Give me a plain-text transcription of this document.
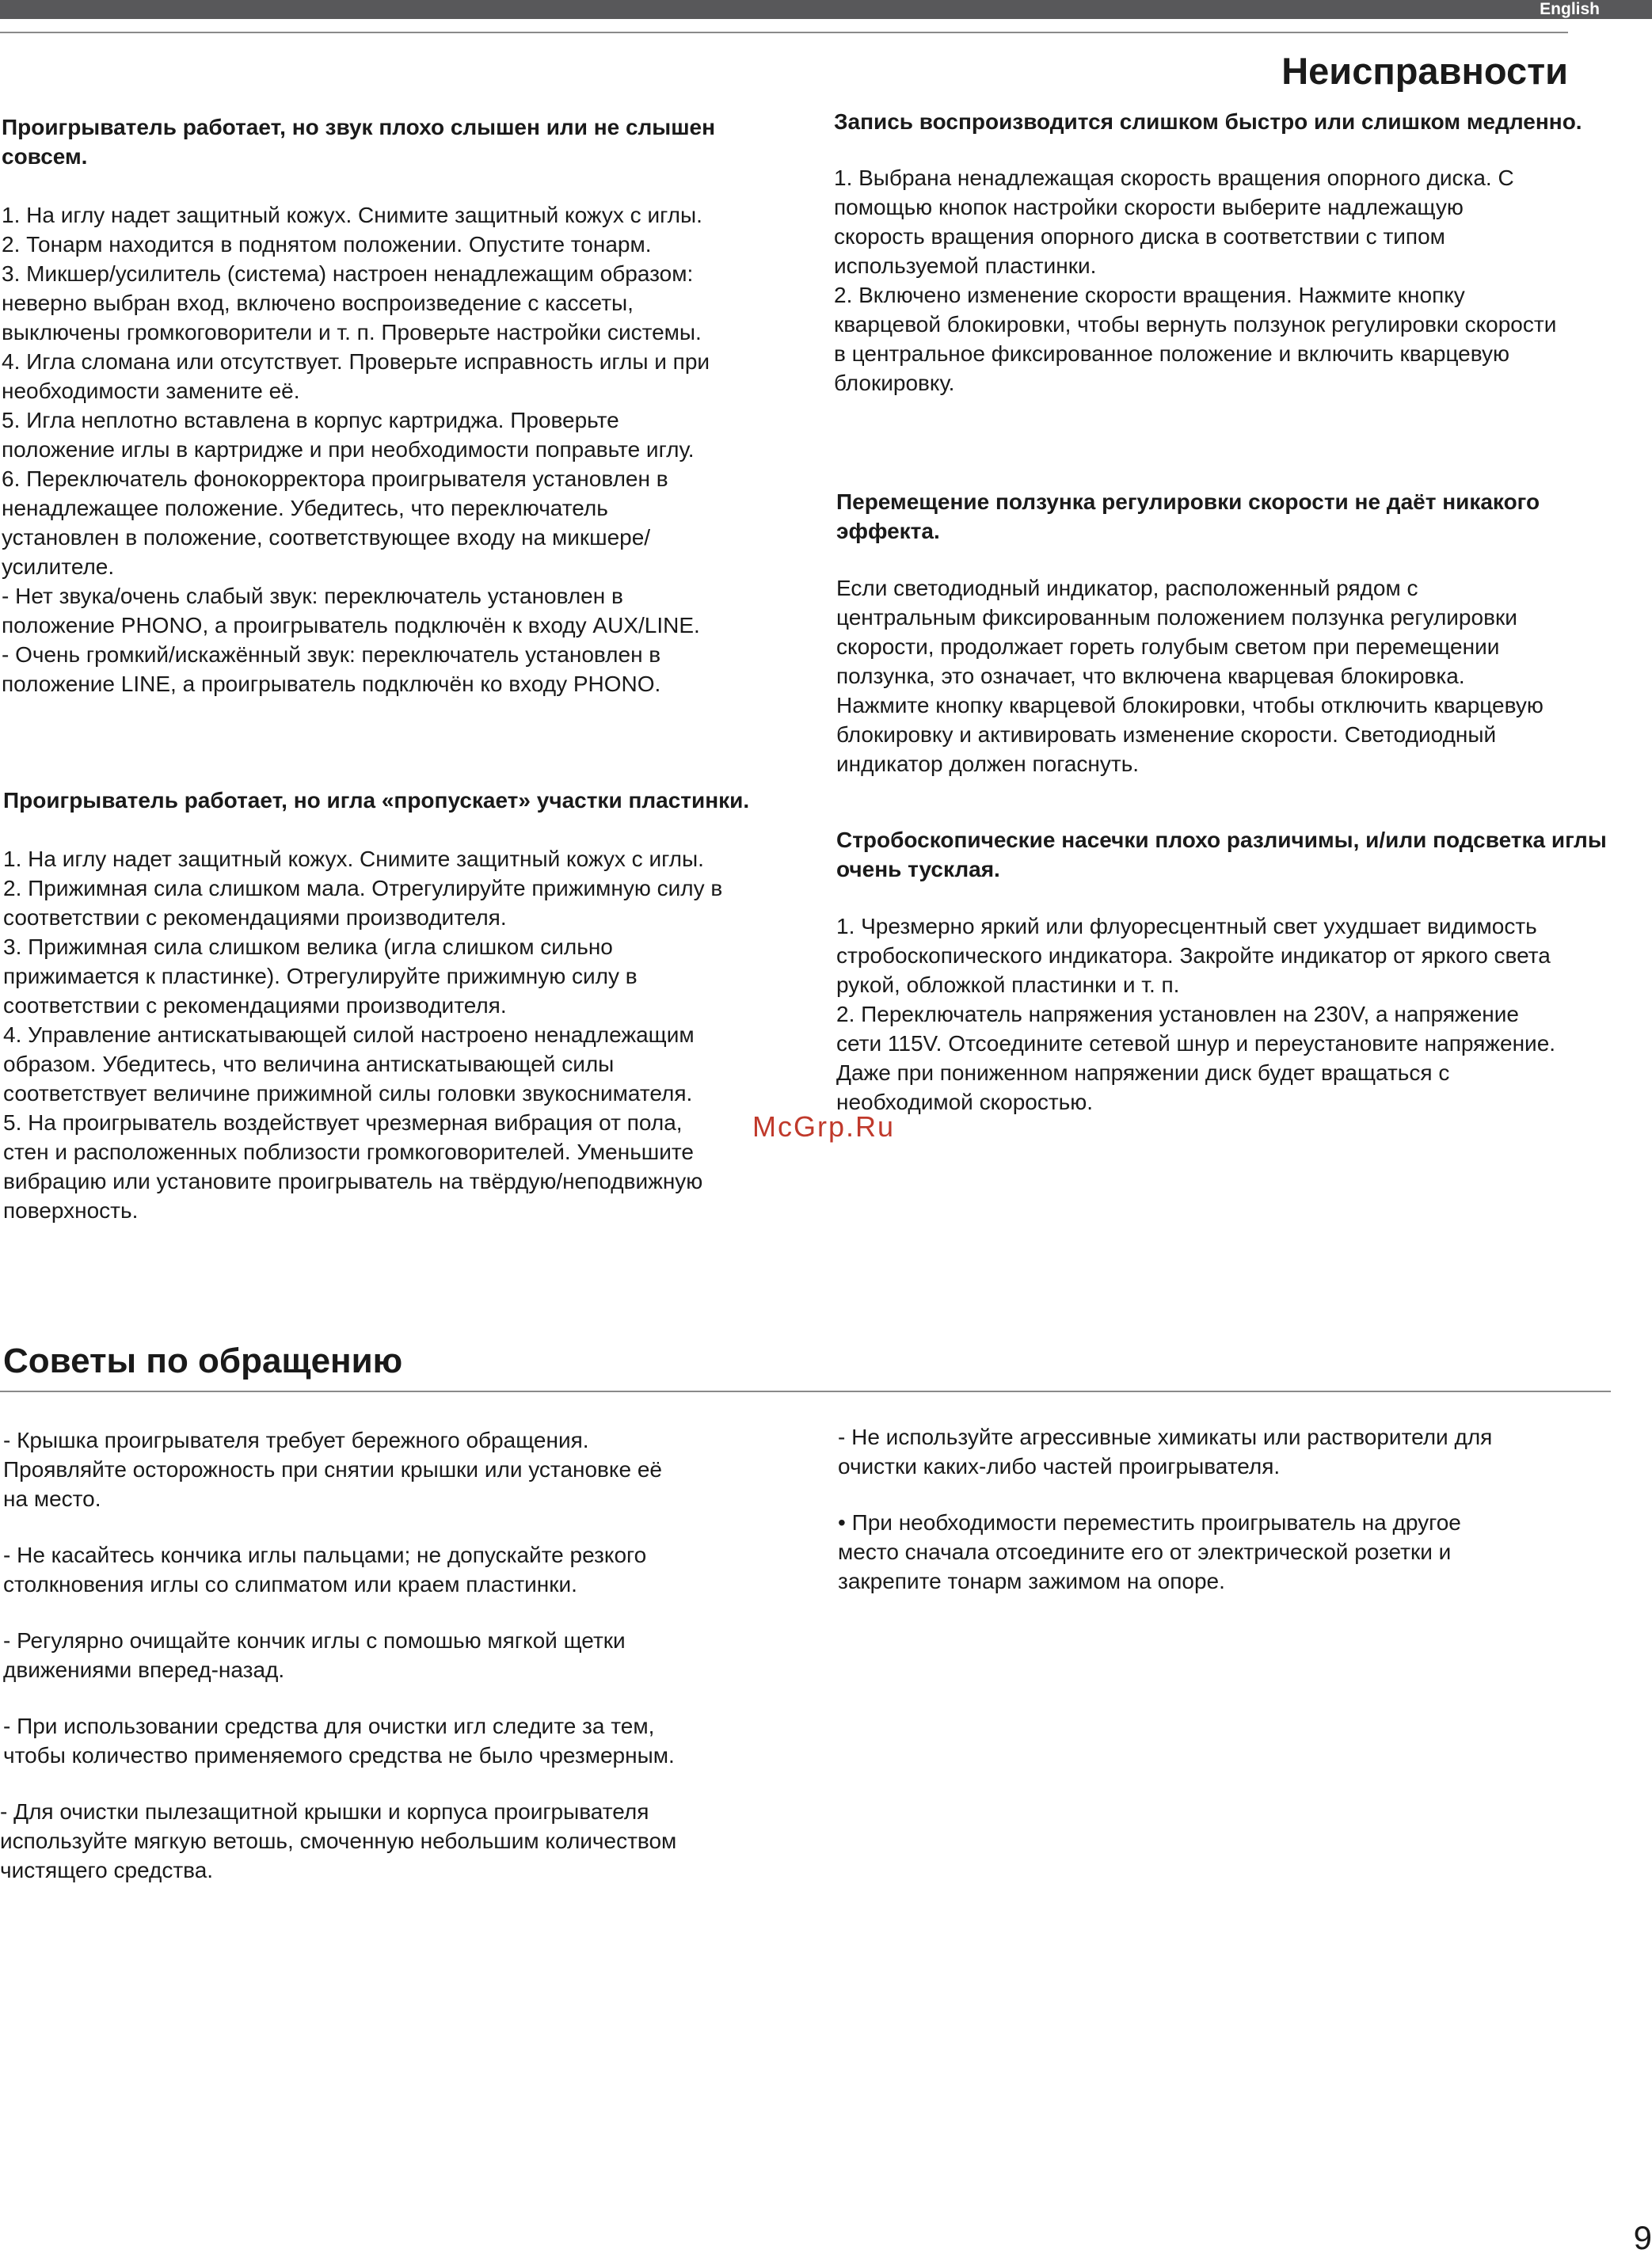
English
Неисправности

Проигрыватель работает, но звук плохо слышен или не слышен совсем.

1. На иглу надет защитный кожух. Снимите защитный кожух с иглы.
2. Тонарм находится в поднятом положении. Опустите тонарм.
3. Микшер/усилитель (система) настроен ненадлежащим образом:
неверно выбран вход, включено воспроизведение с кассеты,
выключены громкоговорители и т. п. Проверьте настройки системы.
4. Игла сломана или отсутствует. Проверьте исправность иглы и при
необходимости замените её.
5. Игла неплотно вставлена в корпус картриджа. Проверьте
положение иглы в картридже и при необходимости поправьте иглу.
6. Переключатель фонокорректора проигрывателя установлен в
ненадлежащее положение. Убедитесь, что переключатель
установлен в положение, соответствующее входу на микшере/
усилителе.
- Нет звука/очень слабый звук: переключатель установлен в
положение PHONO, а проигрыватель подключён к входу AUX/LINE.
- Очень громкий/искажённый звук: переключатель установлен в
положение LINE, а проигрыватель подключён ко входу PHONO.

Проигрыватель работает, но игла «пропускает» участки пластинки.

1. На иглу надет защитный кожух. Снимите защитный кожух с иглы.
2. Прижимная сила слишком мала. Отрегулируйте прижимную силу в
соответствии с рекомендациями производителя.
3. Прижимная сила слишком велика (игла слишком сильно
прижимается к пластинке). Отрегулируйте прижимную силу в
соответствии с рекомендациями производителя.
4. Управление антискатывающей силой настроено ненадлежащим
образом. Убедитесь, что величина антискатывающей силы
соответствует величине прижимной силы головки звукоснимателя.
5. На проигрыватель воздействует чрезмерная вибрация от пола,
стен и расположенных поблизости громкоговорителей. Уменьшите
вибрацию или установите проигрыватель на твёрдую/неподвижную
поверхность.

Запись воспроизводится слишком быстро или слишком медленно.

1. Выбрана ненадлежащая скорость вращения опорного диска. С
помощью кнопок настройки скорости выберите надлежащую
скорость вращения опорного диска в соответствии с типом
используемой пластинки.
2. Включено изменение скорости вращения. Нажмите кнопку
кварцевой блокировки, чтобы вернуть ползунок регулировки скорости
в центральное фиксированное положение и включить кварцевую
блокировку.

Перемещение ползунка регулировки скорости не даёт никакого эффекта.

Если светодиодный индикатор, расположенный рядом с
центральным фиксированным положением ползунка регулировки
скорости, продолжает гореть голубым светом при перемещении
ползунка, это означает, что включена кварцевая блокировка.
Нажмите кнопку кварцевой блокировки, чтобы отключить кварцевую
блокировку и активировать изменение скорости. Светодиодный
индикатор должен погаснуть.

Стробоскопические насечки плохо различимы, и/или подсветка иглы очень тусклая.

1. Чрезмерно яркий или флуоресцентный свет ухудшает видимость
стробоскопического индикатора. Закройте индикатор от яркого света
рукой, обложкой пластинки и т. п.
2. Переключатель напряжения установлен на 230V, а напряжение
сети 115V. Отсоедините сетевой шнур и переустановите напряжение.
Даже при пониженном напряжении диск будет вращаться с
необходимой скоростью.

McGrp.Ru
Советы по обращению

- Крышка проигрывателя требует бережного обращения.
Проявляйте осторожность при снятии крышки или установке её
на место.

- Не касайтесь кончика иглы пальцами; не допускайте резкого
столкновения иглы со слипматом или краем пластинки.

- Регулярно очищайте кончик иглы с помошью мягкой щетки
движениями вперед-назад.

- При использовании средства для очистки игл следите за тем,
чтобы количество применяемого средства не было чрезмерным.

- Для очистки пылезащитной крышки и корпуса проигрывателя
используйте мягкую ветошь, смоченную небольшим количеством
чистящего средства.

- Не используйте агрессивные химикаты или растворители для
очистки каких-либо частей проигрывателя.

• При необходимости переместить проигрыватель на другое
место сначала отсоедините его от электрической розетки и
закрепите тонарм зажимом на опоре.

9
